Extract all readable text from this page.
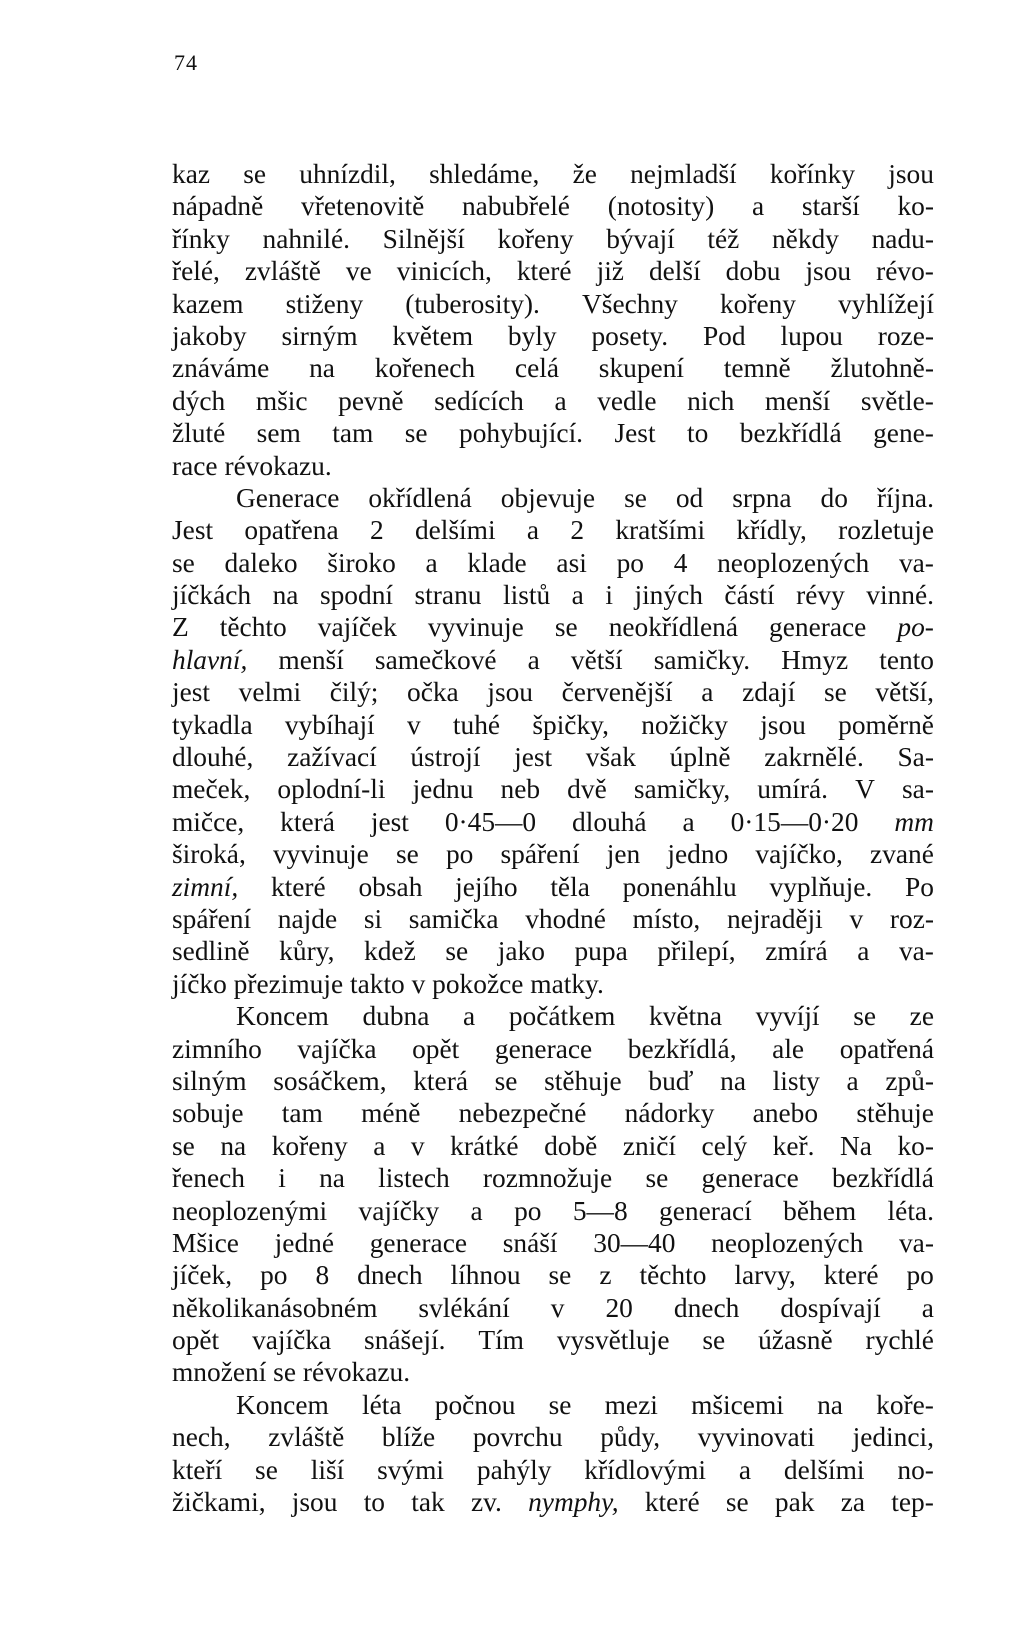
74
kaz se uhnízdil, shledáme, že nejmladší kořínky jsou
nápadně vřetenovitě nabubřelé (notosity) a starší ko-
řínky nahnilé. Silnější kořeny bývají též někdy nadu-
řelé, zvláště ve vinicích, které již delší dobu jsou révo-
kazem stiženy (tuberosity). Všechny kořeny vyhlížejí
jakoby sirným květem byly posety. Pod lupou roze-
znáváme na kořenech celá skupení temně žlutohně-
dých mšic pevně sedících a vedle nich menší světle-
žluté sem tam se pohybující. Jest to bezkřídlá gene-
race révokazu.
Generace okřídlená objevuje se od srpna do října.
Jest opatřena 2 delšími a 2 kratšími křídly, rozletuje
se daleko široko a klade asi po 4 neoplozených va-
jíčkách na spodní stranu listů a i jiných částí révy vinné.
Z těchto vajíček vyvinuje se neokřídlená generace po-
hlavní, menší samečkové a větší samičky. Hmyz tento
jest velmi čilý; očka jsou červenější a zdají se větší,
tykadla vybíhají v tuhé špičky, nožičky jsou poměrně
dlouhé, zažívací ústrojí jest však úplně zakrnělé. Sa-
meček, oplodní-li jednu neb dvě samičky, umírá. V sa-
mičce, která jest 0·45—0 dlouhá a 0·15—0·20 mm
široká, vyvinuje se po spáření jen jedno vajíčko, zvané
zimní, které obsah jejího těla ponenáhlu vyplňuje. Po
spáření najde si samička vhodné místo, nejraději v roz-
sedlině kůry, kdež se jako pupa přilepí, zmírá a va-
jíčko přezimuje takto v pokožce matky.
Koncem dubna a počátkem května vyvíjí se ze
zimního vajíčka opět generace bezkřídlá, ale opatřená
silným sosáčkem, která se stěhuje buď na listy a způ-
sobuje tam méně nebezpečné nádorky anebo stěhuje
se na kořeny a v krátké době zničí celý keř. Na ko-
řenech i na listech rozmnožuje se generace bezkřídlá
neoplozenými vajíčky a po 5—8 generací během léta.
Mšice jedné generace snáší 30—40 neoplozených va-
jíček, po 8 dnech líhnou se z těchto larvy, které po
několikanásobném svlékání v 20 dnech dospívají a
opět vajíčka snášejí. Tím vysvětluje se úžasně rychlé
množení se révokazu.
Koncem léta počnou se mezi mšicemi na koře-
nech, zvláště blíže povrchu půdy, vyvinovati jedinci,
kteří se liší svými pahýly křídlovými a delšími no-
žičkami, jsou to tak zv. nymphy, které se pak za tep-
